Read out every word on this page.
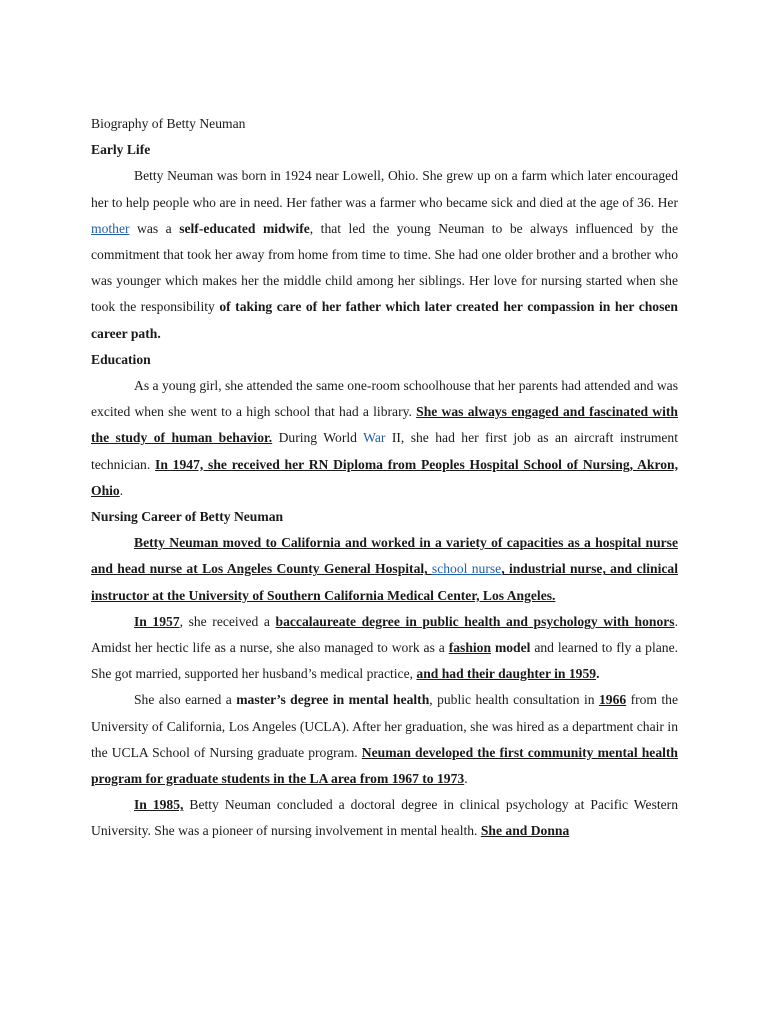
Biography of Betty Neuman

Early Life

Betty Neuman was born in 1924 near Lowell, Ohio. She grew up on a farm which later encouraged her to help people who are in need. Her father was a farmer who became sick and died at the age of 36. Her mother was a self-educated midwife, that led the young Neuman to be always influenced by the commitment that took her away from home from time to time. She had one older brother and a brother who was younger which makes her the middle child among her siblings. Her love for nursing started when she took the responsibility of taking care of her father which later created her compassion in her chosen career path.

Education

As a young girl, she attended the same one-room schoolhouse that her parents had attended and was excited when she went to a high school that had a library. She was always engaged and fascinated with the study of human behavior. During World War II, she had her first job as an aircraft instrument technician. In 1947, she received her RN Diploma from Peoples Hospital School of Nursing, Akron, Ohio.

Nursing Career of Betty Neuman

Betty Neuman moved to California and worked in a variety of capacities as a hospital nurse and head nurse at Los Angeles County General Hospital, school nurse, industrial nurse, and clinical instructor at the University of Southern California Medical Center, Los Angeles.

In 1957, she received a baccalaureate degree in public health and psychology with honors. Amidst her hectic life as a nurse, she also managed to work as a fashion model and learned to fly a plane. She got married, supported her husband’s medical practice, and had their daughter in 1959.

She also earned a master’s degree in mental health, public health consultation in 1966 from the University of California, Los Angeles (UCLA). After her graduation, she was hired as a department chair in the UCLA School of Nursing graduate program. Neuman developed the first community mental health program for graduate students in the LA area from 1967 to 1973.

In 1985, Betty Neuman concluded a doctoral degree in clinical psychology at Pacific Western University. She was a pioneer of nursing involvement in mental health. She and Donna
